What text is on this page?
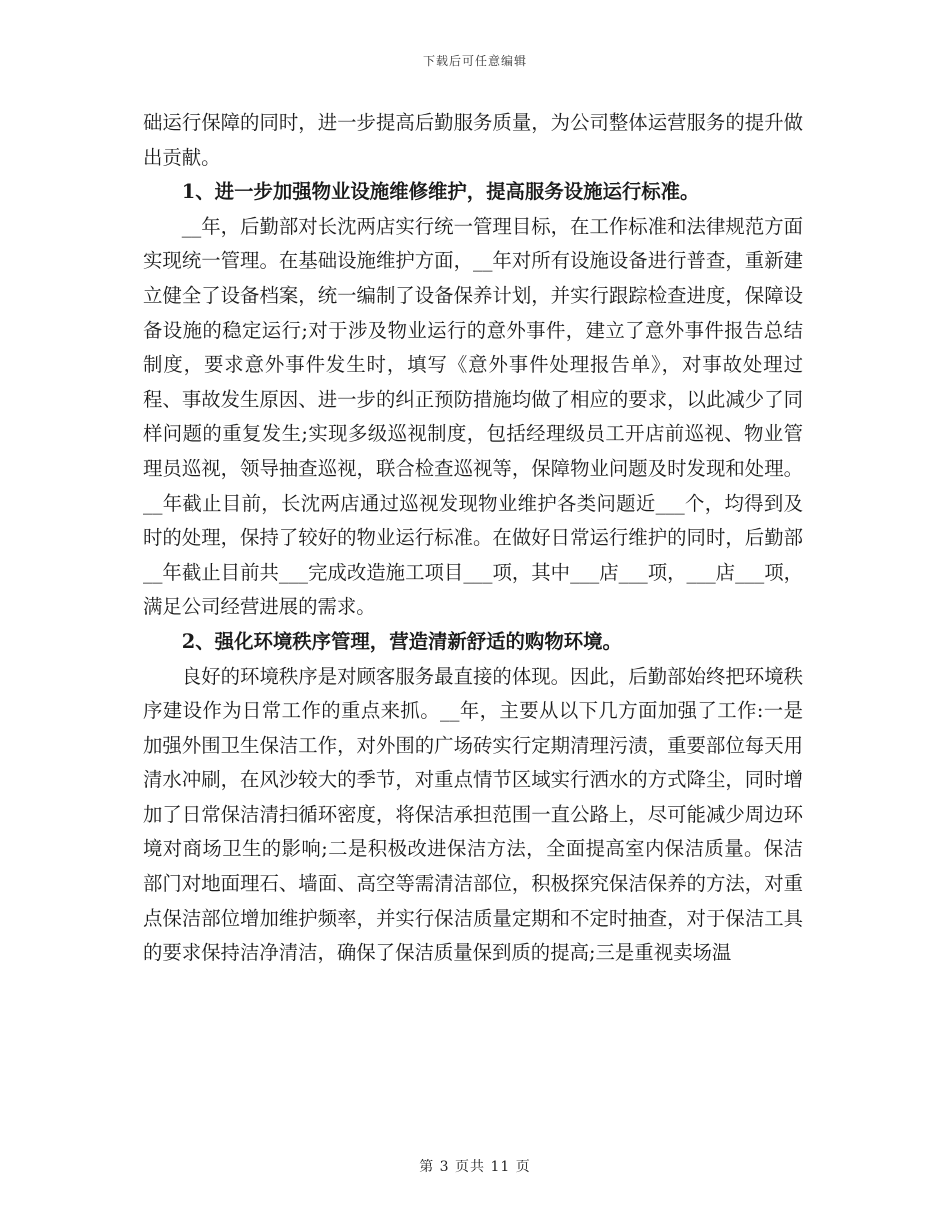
下载后可任意编辑

础运行保障的同时，进一步提高后勤服务质量，为公司整体运营服务的提升做出贡献。

1、进一步加强物业设施维修维护，提高服务设施运行标准。

__年，后勤部对长沈两店实行统一管理目标，在工作标准和法律规范方面实现统一管理。在基础设施维护方面，__年对所有设施设备进行普查，重新建立健全了设备档案，统一编制了设备保养计划，并实行跟踪检查进度，保障设备设施的稳定运行;对于涉及物业运行的意外事件，建立了意外事件报告总结制度，要求意外事件发生时，填写《意外事件处理报告单》，对事故处理过程、事故发生原因、进一步的纠正预防措施均做了相应的要求，以此减少了同样问题的重复发生;实现多级巡视制度，包括经理级员工开店前巡视、物业管理员巡视，领导抽查巡视，联合检查巡视等，保障物业问题及时发现和处理。__年截止目前，长沈两店通过巡视发现物业维护各类问题近___个，均得到及时的处理，保持了较好的物业运行标准。在做好日常运行维护的同时，后勤部__年截止目前共___完成改造施工项目___项，其中___店___项，___店___项，满足公司经营进展的需求。

2、强化环境秩序管理，营造清新舒适的购物环境。

良好的环境秩序是对顾客服务最直接的体现。因此，后勤部始终把环境秩序建设作为日常工作的重点来抓。__年，主要从以下几方面加强了工作:一是加强外围卫生保洁工作，对外围的广场砖实行定期清理污渍，重要部位每天用清水冲刷，在风沙较大的季节，对重点情节区域实行洒水的方式降尘，同时增加了日常保洁清扫循环密度，将保洁承担范围一直公路上，尽可能减少周边环境对商场卫生的影响;二是积极改进保洁方法，全面提高室内保洁质量。保洁部门对地面理石、墙面、高空等需清洁部位，积极探究保洁保养的方法，对重点保洁部位增加维护频率，并实行保洁质量定期和不定时抽查，对于保洁工具的要求保持洁净清洁，确保了保洁质量保到质的提高;三是重视卖场温

第 3 页共 11 页
